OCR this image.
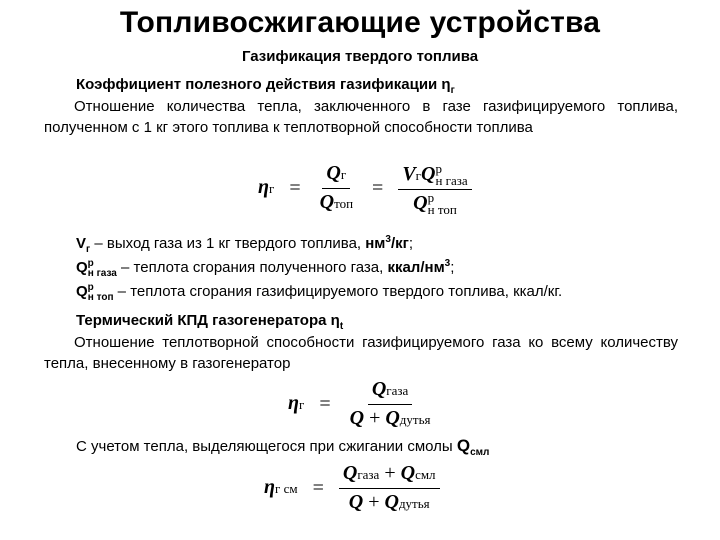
Топливосжигающие устройства
Газификация твердого топлива
Коэффициент полезного действия газификации $\eta_г$
Отношение количества тепла, заключенного в газе газифицируемого топлива, полученном с 1 кг этого топлива к теплотворной способности топлива
$\eta г = \frac{Qг}{\text{Qтоп}}$ = VгQ р
н газа
Q р
н топ
$V_г$ – выход газа из 1 кг твердого топлива, $нм^3/кг$;
$Q^р_{н газа}$ – теплота сгорания полученного газа, ккал/$нм^3$;
$Q^р_{н топ}$ – теплота сгорания газифицируемого твердого топлива, ккал/кг.
Термический КПД газогенератора $\eta_t$
Отношение теплотворной способности газифицируемого газа ко всему количеству тепла, внесенному в газогенератор
$\eta г = \frac{\text{Qгаза}}{\text{Q + Qдутья}}$
С учетом тепла, выделяющегося при сжигании смолы $Q_{смл}$
ηг см = $\frac{\text{Qгаза + Qсмл}}{\text{Q + Qдутья}}$
